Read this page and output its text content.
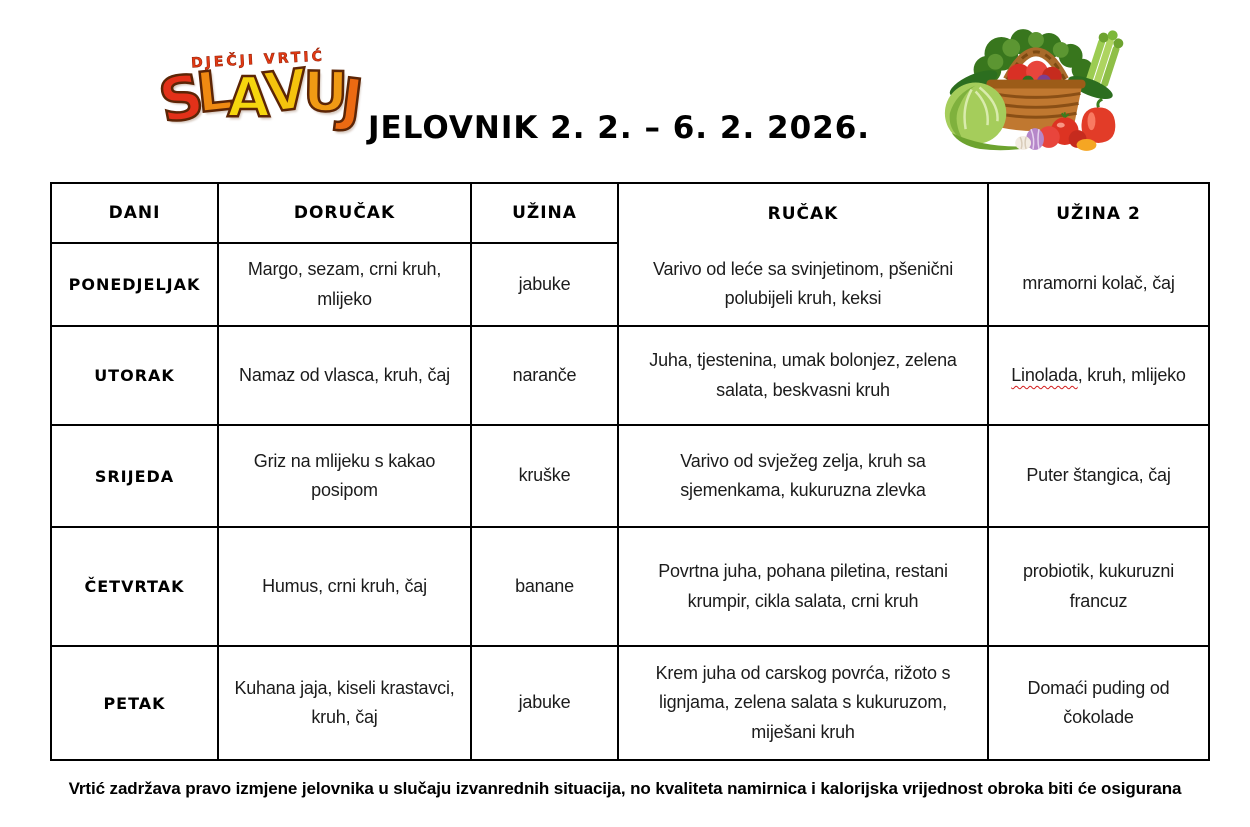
DJEČJI VRTIĆ
SLAVUJ JELOVNIK 2. 2. – 6. 2. 2026.
DANI	DORUČAK	UŽINA	RUČAK	UŽINA 2
PONEDJELJAK	Margo, sezam, crni kruh, mlijeko	jabuke	Varivo od leće sa svinjetinom, pšenični polubijeli kruh, keksi	mramorni kolač, čaj
UTORAK	Namaz od vlasca, kruh, čaj	naranče	Juha, tjestenina, umak bolonjez, zelena salata, beskvasni kruh	Linolada, kruh, mlijeko
SRIJEDA	Griz na mlijeku s kakao posipom	kruške	Varivo od svježeg zelja, kruh sa sjemenkama, kukuruzna zlevka	Puter štangica, čaj
ČETVRTAK	Humus, crni kruh, čaj	banane	Povrtna juha, pohana piletina, restani krumpir, cikla salata, crni kruh	probiotik, kukuruzni francuz
PETAK	Kuhana jaja, kiseli krastavci, kruh, čaj	jabuke	Krem juha od carskog povrća, rižoto s lignjama, zelena salata s kukuruzom, miješani kruh	Domaći puding od čokolade
Vrtić zadržava pravo izmjene jelovnika u slučaju izvanrednih situacija, no kvaliteta namirnica i kalorijska vrijednost obroka biti će osigurana
